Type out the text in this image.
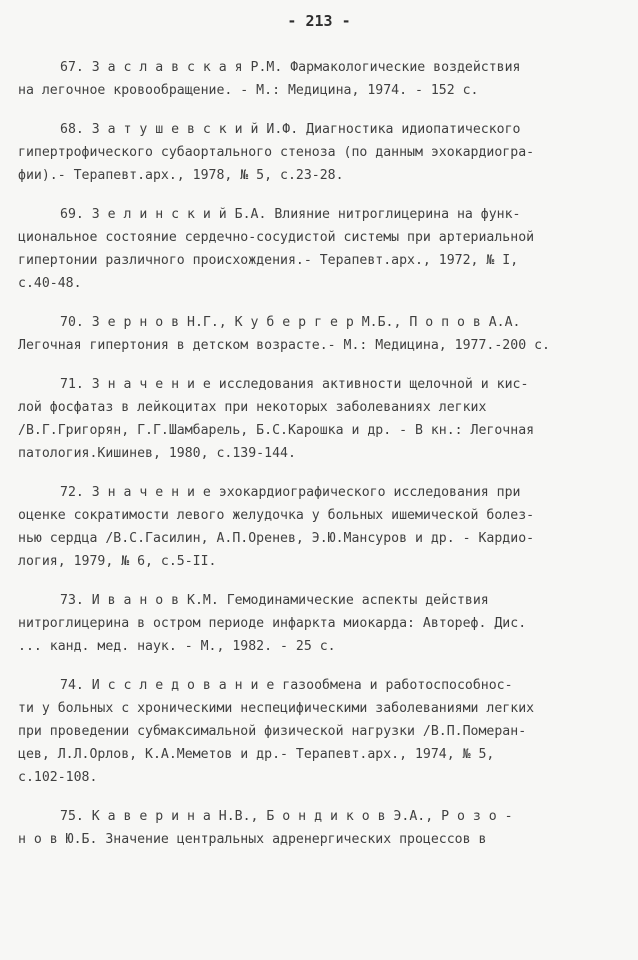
- 213 -
67. З а с л а в с к а я Р.М. Фармакологические воздействия
на легочное кровообращение. - М.: Медицина, 1974. - 152 с.
68. З а т у ш е в с к и й И.Ф. Диагностика идиопатического
гипертрофического субаортального стеноза (по данным эхокардиогра-
фии).- Терапевт.арх., 1978, № 5, с.23-28.
69. З е л и н с к и й Б.А. Влияние нитроглицерина на функ-
циональное состояние сердечно-сосудистой системы при артериальной
гипертонии различного происхождения.- Терапевт.арх., 1972, № I,
с.40-48.
70. З е р н о в Н.Г., К у б е р г е р М.Б., П о п о в А.А.
Легочная гипертония в детском возрасте.- М.: Медицина, 1977.-200 с.
71. З н а ч е н и е исследования активности щелочной и кис-
лой фосфатаз в лейкоцитах при некоторых заболеваниях легких
/В.Г.Григорян, Г.Г.Шамбарель, Б.С.Карошка и др. - В кн.: Легочная
патология.Кишинев, 1980, с.139-144.
72. З н а ч е н и е эхокардиографического исследования при
оценке сократимости левого желудочка у больных ишемической болез-
нью сердца /В.С.Гасилин, А.П.Оренев, Э.Ю.Мансуров и др. - Кардио-
логия, 1979, № 6, с.5-II.
73. И в а н о в К.М. Гемодинамические аспекты действия
нитроглицерина в остром периоде инфаркта миокарда: Автореф. Дис.
... канд. мед. наук. - М., 1982. - 25 с.
74. И с с л е д о в а н и е газообмена и работоспособнос-
ти у больных с хроническими неспецифическими заболеваниями легких
при проведении субмаксимальной физической нагрузки /В.П.Померан-
цев, Л.Л.Орлов, К.А.Меметов и др.- Терапевт.арх., 1974, № 5,
с.102-108.
75. К а в е р и н а Н.В., Б о н д и к о в Э.А., Р о з о -
н о в Ю.Б. Значение центральных адренергических процессов в
